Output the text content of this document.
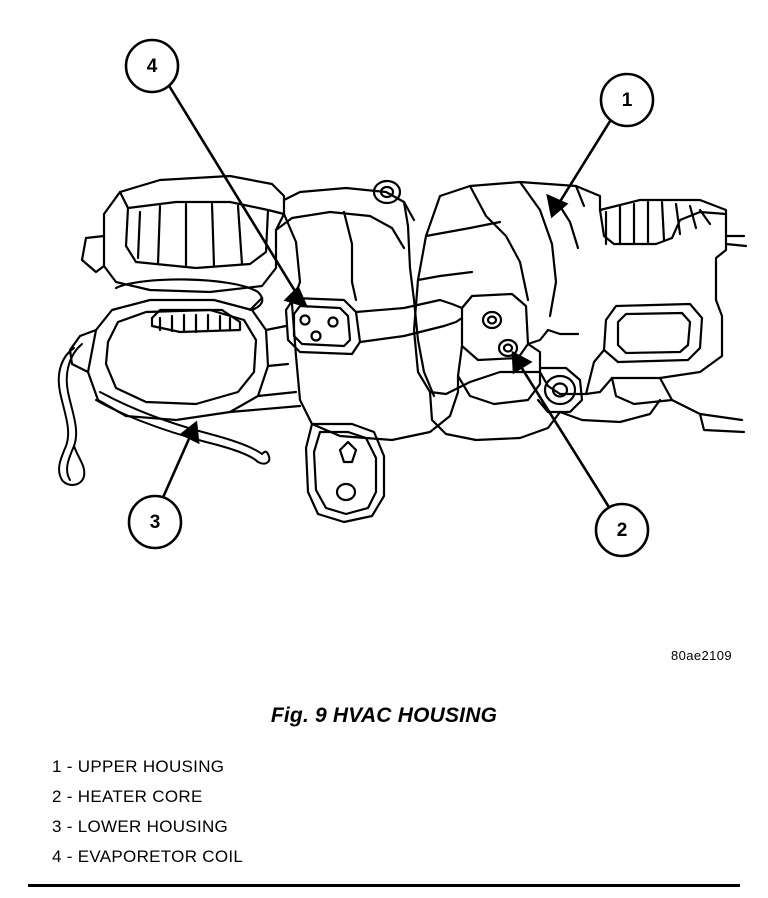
1
2
3
4
80ae2109
Fig. 9 HVAC HOUSING
1 - UPPER HOUSING
2 - HEATER CORE
3 - LOWER HOUSING
4 - EVAPORETOR COIL
